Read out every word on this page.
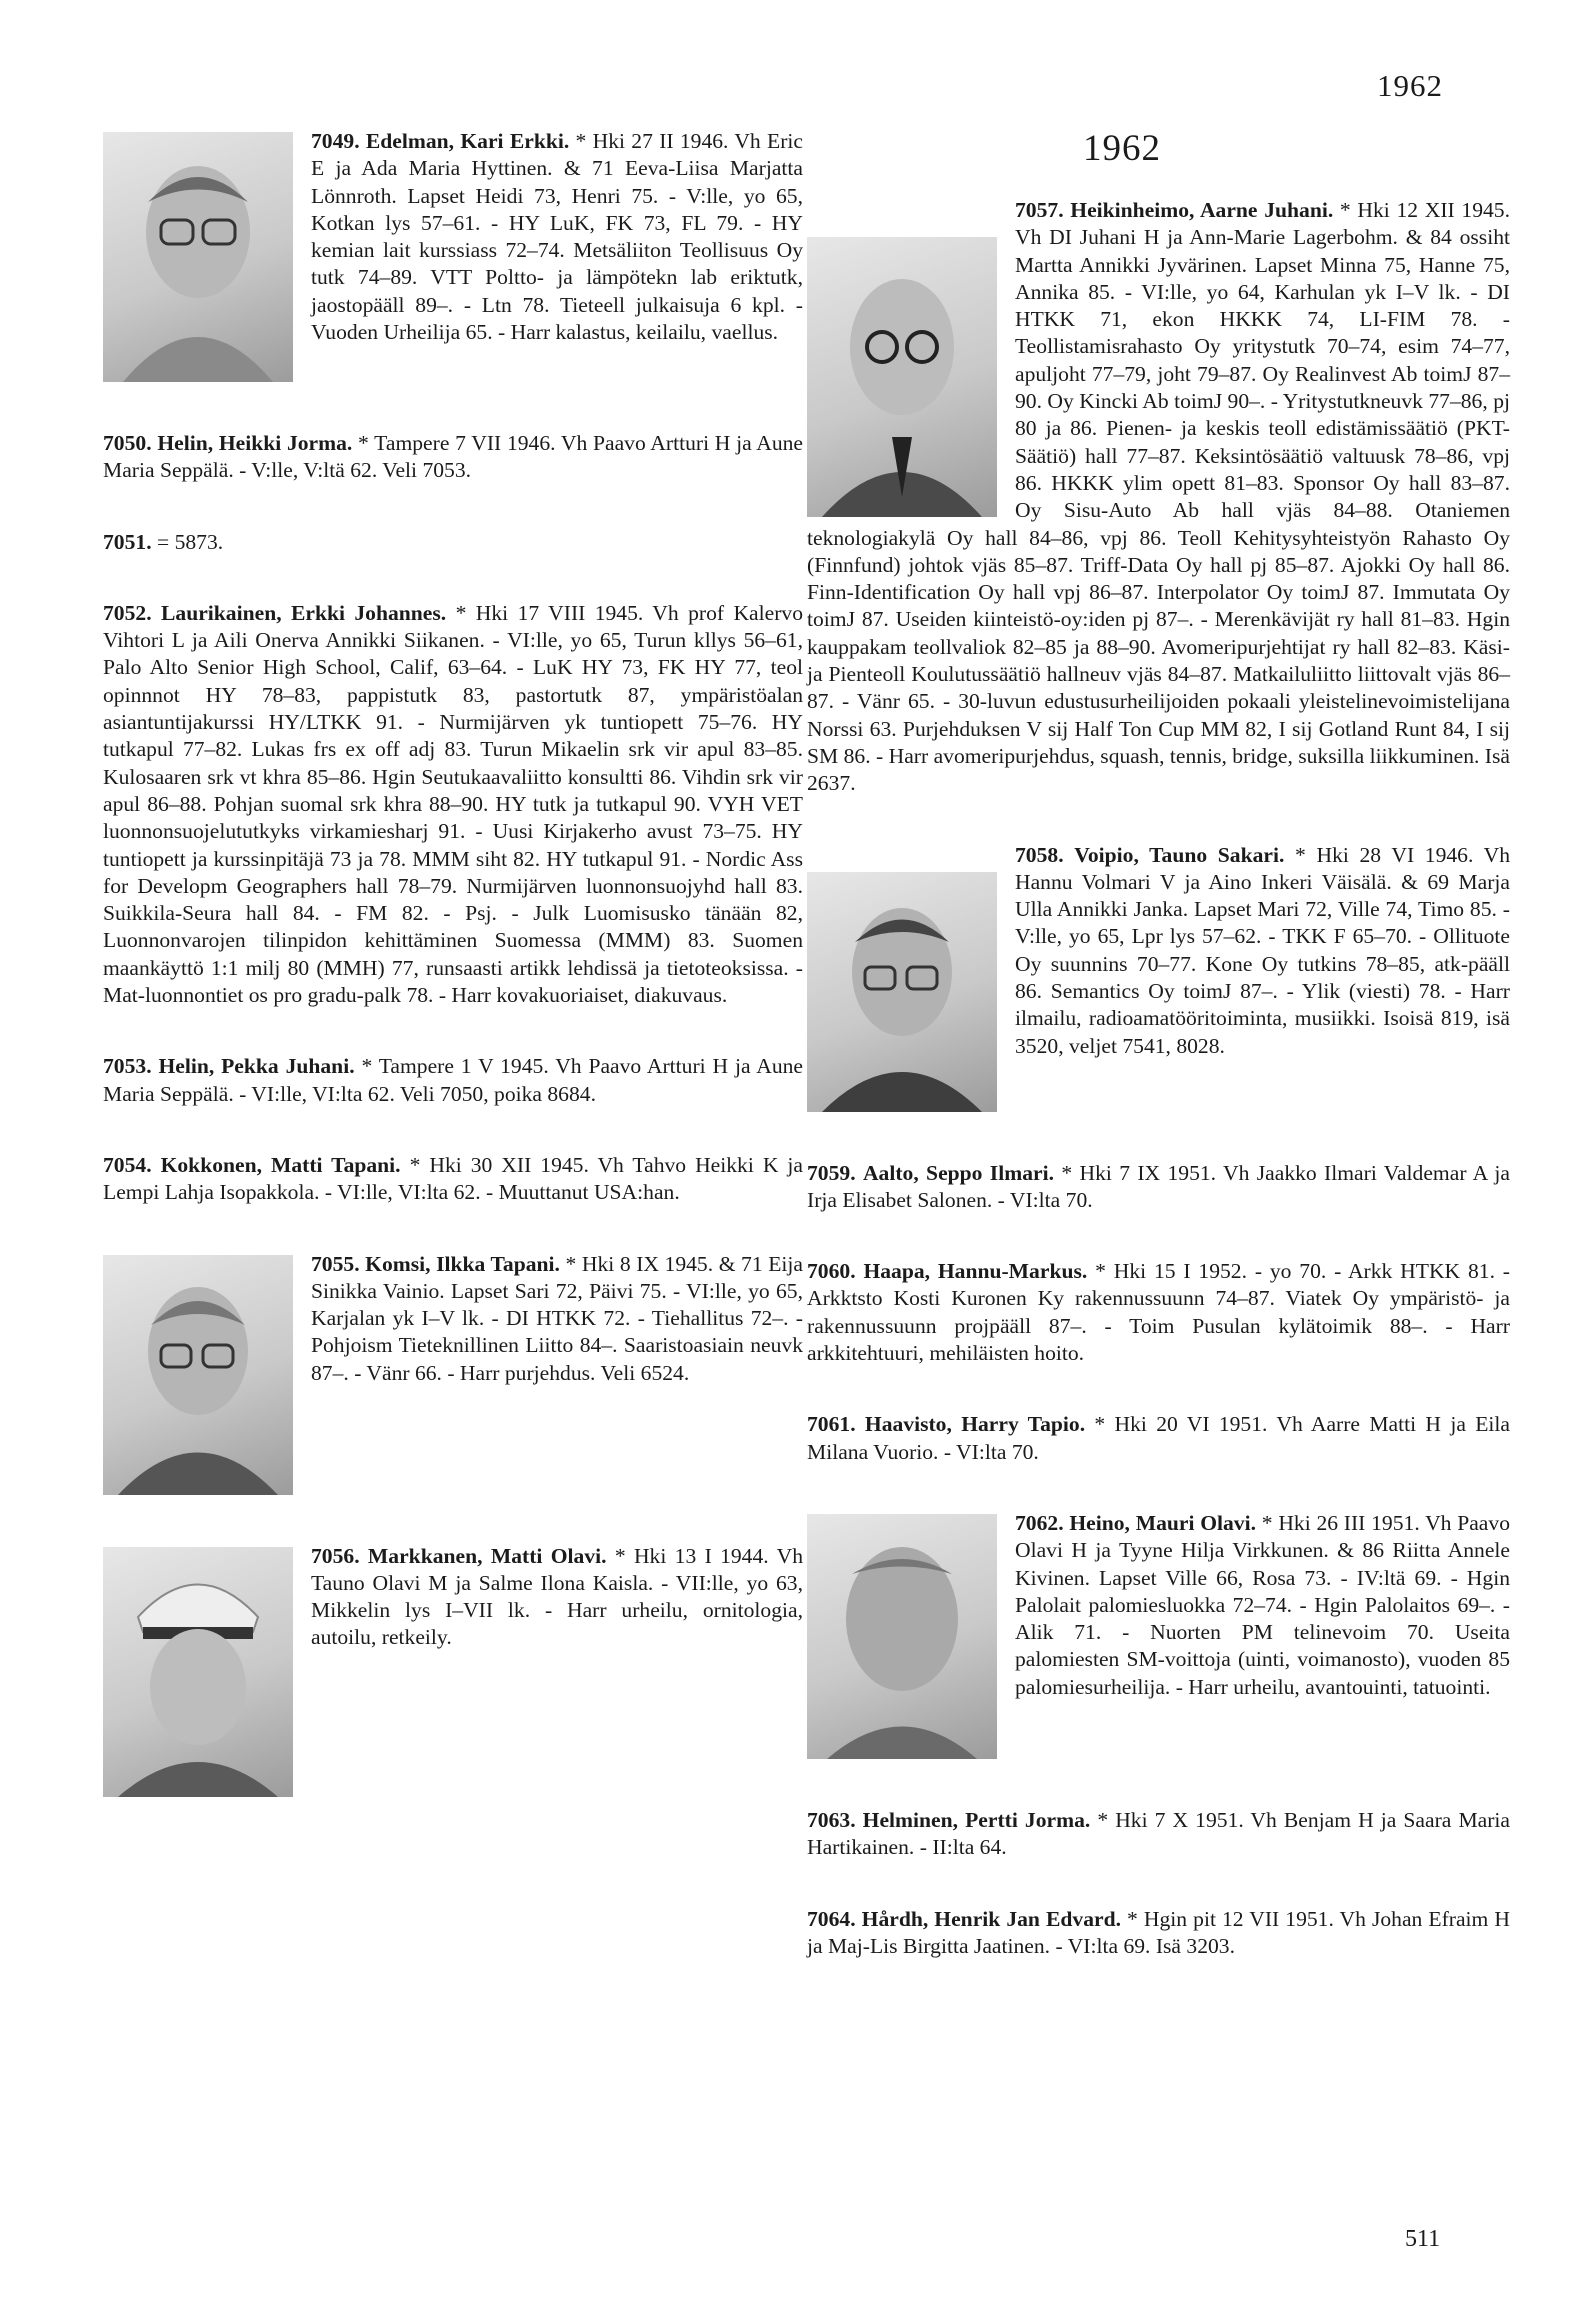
1962
1962
7049. Edelman, Kari Erkki. * Hki 27 II 1946. Vh Eric E ja Ada Maria Hyttinen. & 71 Eeva-Liisa Marjatta Lönnroth. Lapset Heidi 73, Henri 75. - V:lle, yo 65, Kotkan lys 57–61. - HY LuK, FK 73, FL 79. - HY kemian lait kurssiass 72–74. Metsäliiton Teollisuus Oy tutk 74–89. VTT Poltto- ja lämpötekn lab eriktutk, jaostopääll 89–. - Ltn 78. Tieteell julkaisuja 6 kpl. - Vuoden Urheilija 65. - Harr kalastus, keilailu, vaellus.
7050. Helin, Heikki Jorma. * Tampere 7 VII 1946. Vh Paavo Artturi H ja Aune Maria Seppälä. - V:lle, V:ltä 62. Veli 7053.
7051. = 5873.
7052. Laurikainen, Erkki Johannes. * Hki 17 VIII 1945. Vh prof Kalervo Vihtori L ja Aili Onerva Annikki Siikanen. - VI:lle, yo 65, Turun kllys 56–61, Palo Alto Senior High School, Calif, 63–64. - LuK HY 73, FK HY 77, teol opinnnot HY 78–83, pappistutk 83, pastortutk 87, ympäristöalan asiantuntijakurssi HY/LTKK 91. - Nurmijärven yk tuntiopett 75–76. HY tutkapul 77–82. Lukas frs ex off adj 83. Turun Mikaelin srk vir apul 83–85. Kulosaaren srk vt khra 85–86. Hgin Seutukaavaliitto konsultti 86. Vihdin srk vir apul 86–88. Pohjan suomal srk khra 88–90. HY tutk ja tutkapul 90. VYH VET luonnonsuojelututkyks virkamiesharj 91. - Uusi Kirjakerho avust 73–75. HY tuntiopett ja kurssinpitäjä 73 ja 78. MMM siht 82. HY tutkapul 91. - Nordic Ass for Developm Geographers hall 78–79. Nurmijärven luonnonsuojyhd hall 83. Suikkila-Seura hall 84. - FM 82. - Psj. - Julk Luomisusko tänään 82, Luonnonvarojen tilinpidon kehittäminen Suomessa (MMM) 83. Suomen maankäyttö 1:1 milj 80 (MMH) 77, runsaasti artikk lehdissä ja tietoteoksissa. - Mat-luonnontiet os pro gradu-palk 78. - Harr kovakuoriaiset, diakuvaus.
7053. Helin, Pekka Juhani. * Tampere 1 V 1945. Vh Paavo Artturi H ja Aune Maria Seppälä. - VI:lle, VI:lta 62. Veli 7050, poika 8684.
7054. Kokkonen, Matti Tapani. * Hki 30 XII 1945. Vh Tahvo Heikki K ja Lempi Lahja Isopakkola. - VI:lle, VI:lta 62. - Muuttanut USA:han.
7055. Komsi, Ilkka Tapani. * Hki 8 IX 1945. & 71 Eija Sinikka Vainio. Lapset Sari 72, Päivi 75. - VI:lle, yo 65, Karjalan yk I–V lk. - DI HTKK 72. - Tiehallitus 72–. - Pohjoism Tieteknillinen Liitto 84–. Saaristoasiain neuvk 87–. - Vänr 66. - Harr purjehdus. Veli 6524.
7056. Markkanen, Matti Olavi. * Hki 13 I 1944. Vh Tauno Olavi M ja Salme Ilona Kaisla. - VII:lle, yo 63, Mikkelin lys I–VII lk. - Harr urheilu, ornitologia, autoilu, retkeily.
7057. Heikinheimo, Aarne Juhani. * Hki 12 XII 1945. Vh DI Juhani H ja Ann-Marie Lagerbohm. & 84 ossiht Martta Annikki Jyvärinen. Lapset Minna 75, Hanne 75, Annika 85. - VI:lle, yo 64, Karhulan yk I–V lk. - DI HTKK 71, ekon HKKK 74, LI-FIM 78. - Teollistamisrahasto Oy yritystutk 70–74, esim 74–77, apuljoht 77–79, joht 79–87. Oy Realinvest Ab toimJ 87–90. Oy Kincki Ab toimJ 90–. - Yritystutkneuvk 77–86, pj 80 ja 86. Pienen- ja keskis teoll edistämissäätiö (PKT-Säätiö) hall 77–87. Keksintösäätiö valtuusk 78–86, vpj 86. HKKK ylim opett 81–83. Sponsor Oy hall 83–87. Oy Sisu-Auto Ab hall vjäs 84–88. Otaniemen teknologiakylä Oy hall 84–86, vpj 86. Teoll Kehitysyhteistyön Rahasto Oy (Finnfund) johtok vjäs 85–87. Triff-Data Oy hall pj 85–87. Ajokki Oy hall 86. Finn-Identification Oy hall vpj 86–87. Interpolator Oy toimJ 87. Immutata Oy toimJ 87. Useiden kiinteistö-oy:iden pj 87–. - Merenkävijät ry hall 81–83. Hgin kauppakam teollvaliok 82–85 ja 88–90. Avomeripurjehtijat ry hall 82–83. Käsi- ja Pienteoll Koulutussäätiö hallneuv vjäs 84–87. Matkailuliitto liittovalt vjäs 86–87. - Vänr 65. - 30-luvun edustusurheilijoiden pokaali yleistelinevoimistelijana Norssi 63. Purjehduksen V sij Half Ton Cup MM 82, I sij Gotland Runt 84, I sij SM 86. - Harr avomeripurjehdus, squash, tennis, bridge, suksilla liikkuminen. Isä 2637.
7058. Voipio, Tauno Sakari. * Hki 28 VI 1946. Vh Hannu Volmari V ja Aino Inkeri Väisälä. & 69 Marja Ulla Annikki Janka. Lapset Mari 72, Ville 74, Timo 85. - V:lle, yo 65, Lpr lys 57–62. - TKK F 65–70. - Ollituote Oy suunnins 70–77. Kone Oy tutkins 78–85, atk-pääll 86. Semantics Oy toimJ 87–. - Ylik (viesti) 78. - Harr ilmailu, radioamatööritoiminta, musiikki. Isoisä 819, isä 3520, veljet 7541, 8028.
7059. Aalto, Seppo Ilmari. * Hki 7 IX 1951. Vh Jaakko Ilmari Valdemar A ja Irja Elisabet Salonen. - VI:lta 70.
7060. Haapa, Hannu-Markus. * Hki 15 I 1952. - yo 70. - Arkk HTKK 81. - Arkktsto Kosti Kuronen Ky rakennussuunn 74–87. Viatek Oy ympäristö- ja rakennussuunn projpääll 87–. - Toim Pusulan kylätoimik 88–. - Harr arkkitehtuuri, mehiläisten hoito.
7061. Haavisto, Harry Tapio. * Hki 20 VI 1951. Vh Aarre Matti H ja Eila Milana Vuorio. - VI:lta 70.
7062. Heino, Mauri Olavi. * Hki 26 III 1951. Vh Paavo Olavi H ja Tyyne Hilja Virkkunen. & 86 Riitta Annele Kivinen. Lapset Ville 66, Rosa 73. - IV:ltä 69. - Hgin Palolait palomiesluokka 72–74. - Hgin Palolaitos 69–. - Alik 71. - Nuorten PM telinevoim 70. Useita palomiesten SM-voittoja (uinti, voimanosto), vuoden 85 palomiesurheilija. - Harr urheilu, avantouinti, tatuointi.
7063. Helminen, Pertti Jorma. * Hki 7 X 1951. Vh Benjam H ja Saara Maria Hartikainen. - II:lta 64.
7064. Hårdh, Henrik Jan Edvard. * Hgin pit 12 VII 1951. Vh Johan Efraim H ja Maj-Lis Birgitta Jaatinen. - VI:lta 69. Isä 3203.
511
